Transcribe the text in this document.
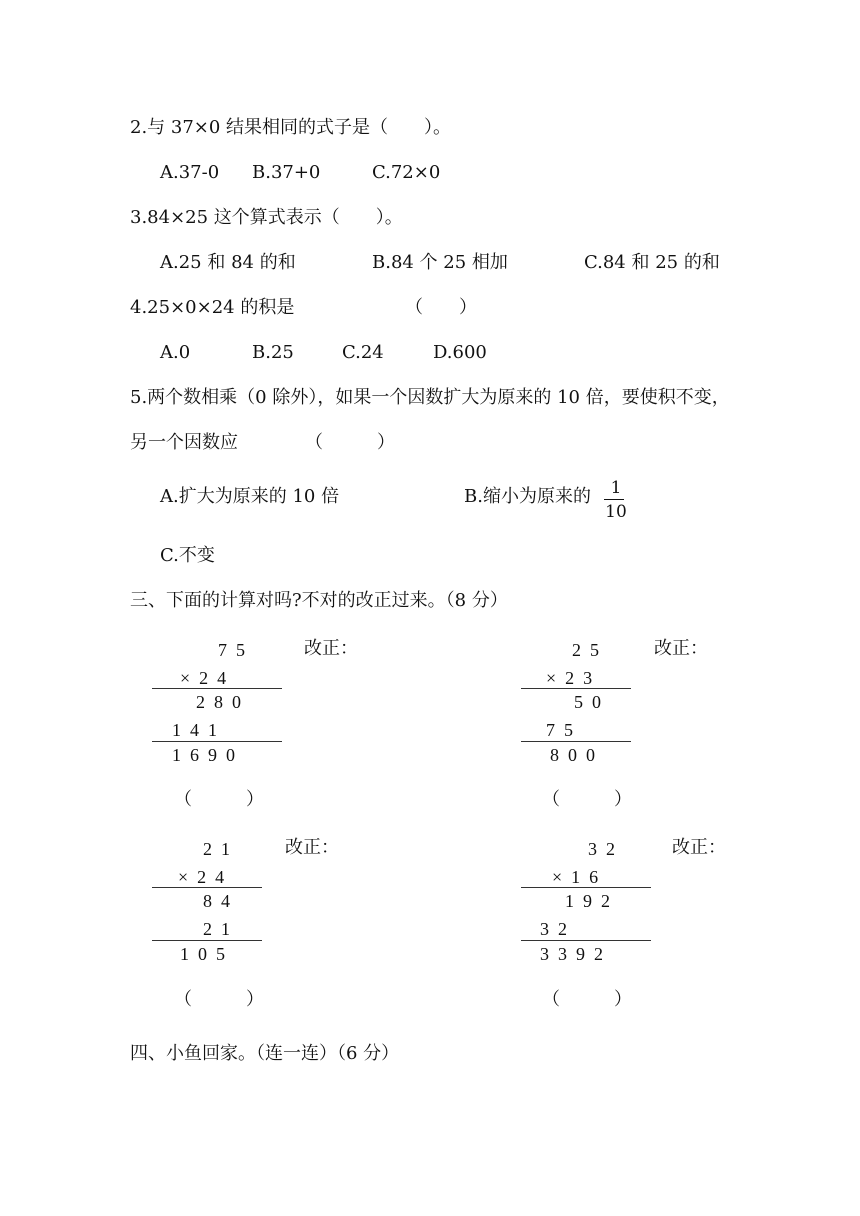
2.与 37×0 结果相同的式子是（　　）。
A.37-0 B.37+0	C.72×0
3.84×25 这个算式表示（　　）。
A.25 和 84 的和	B.84 个 25 相加	C.84 和 25 的和
4.25×0×24 的积是	（　　）
A.0	B.25	C.24	D.600
5.两个数相乘（0 除外），如果一个因数扩大为原来的 10 倍，要使积不变，
另一个因数应	（　　　）
A.扩大为原来的 10 倍	B.缩小为原来的	1
10
C.不变
三、下面的计算对吗?不对的改正过来。（8 分）
75
×24
280
141
1690
（　　　）
改正：	25
×23
50
75
800
（　　　）
改正：
21
×24
84
21
105
（　　　）
改正：	32
×16
192
32
3392
（　　　）
改正：
四、小鱼回家。（连一连）（6 分）
